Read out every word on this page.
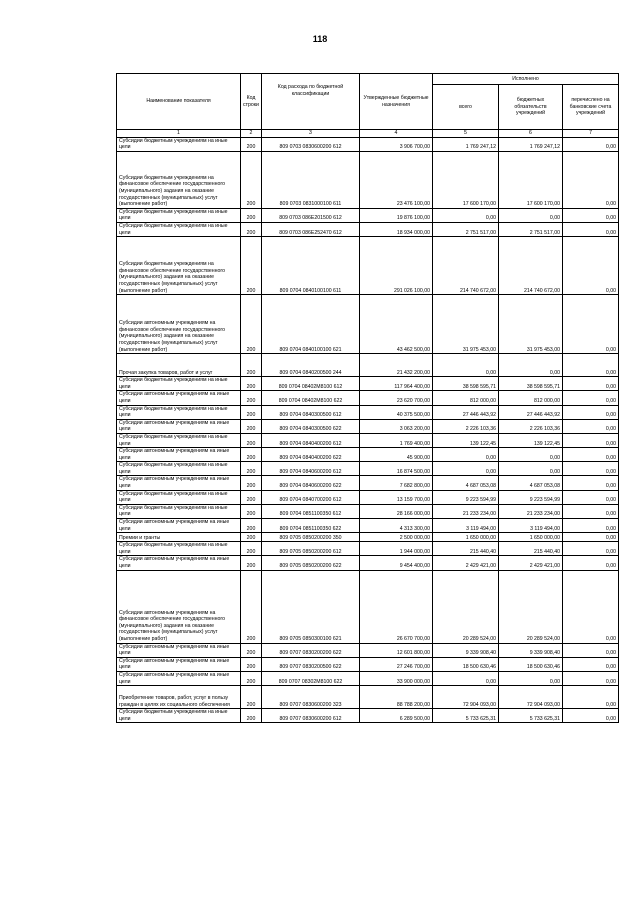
118
Наименование показателя	Код строки	Код расхода по бюджетной классификации	Утвержденные бюджетные назначения	Исполнено		
				всего	бюджетных обязательств учреждений	перечислено на банковские счета учреждений
1	2	3	4	5	6	7
Субсидии бюджетным учреждениям на иные цели	200	809 0703 0830600200 612	3 906 700,00	1 769 247,12	1 769 247,12	0,00
Субсидии бюджетным учреждениям на финансовое обеспечение государственного (муниципального) задания на оказание государственных (муниципальных) услуг (выполнение работ)	200	809 0703 0831000100 611	23 476 100,00	17 600 170,00	17 600 170,00	0,00
Субсидии бюджетным учреждениям на иные цели	200	809 0703 086Е201500 612	19 876 100,00	0,00	0,00	0,00
Субсидии бюджетным учреждениям на иные цели	200	809 0703 086Е252470 612	18 934 000,00	2 751 517,00	2 751 517,00	0,00
Субсидии бюджетным учреждениям на финансовое обеспечение государственного (муниципального) задания на оказание государственных (муниципальных) услуг (выполнение работ)	200	809 0704 0840100100 611	291 026 100,00	214 740 672,00	214 740 672,00	0,00
Субсидии автономным учреждениям на финансовое обеспечение государственного (муниципального) задания на оказание государственных (муниципальных) услуг (выполнение работ)	200	809 0704 0840100100 621	43 462 500,00	31 975 453,00	31 975 453,00	0,00
Прочая закупка товаров, работ и услуг	200	809 0704 0840200500 244	21 432 200,00	0,00	0,00	0,00
Субсидии бюджетным учреждениям на иные цели	200	809 0704 08402М8100 612	117 964 400,00	38 598 595,71	38 598 595,71	0,00
Субсидии автономным учреждениям на иные цели	200	809 0704 08402М8100 622	23 620 700,00	812 000,00	812 000,00	0,00
Субсидии бюджетным учреждениям на иные цели	200	809 0704 0840300500 612	40 375 500,00	27 446 443,92	27 446 443,92	0,00
Субсидии автономным учреждениям на иные цели	200	809 0704 0840300500 622	3 063 200,00	2 226 103,36	2 226 103,36	0,00
Субсидии бюджетным учреждениям на иные цели	200	809 0704 0840400200 612	1 769 400,00	139 122,45	139 122,45	0,00
Субсидии автономным учреждениям на иные цели	200	809 0704 0840400200 622	45 900,00	0,00	0,00	0,00
Субсидии бюджетным учреждениям на иные цели	200	809 0704 0840600200 612	16 874 500,00	0,00	0,00	0,00
Субсидии автономным учреждениям на иные цели	200	809 0704 0840600200 622	7 682 800,00	4 687 053,08	4 687 053,08	0,00
Субсидии бюджетным учреждениям на иные цели	200	809 0704 0840700200 612	13 159 700,00	9 223 594,99	9 223 594,99	0,00
Субсидии бюджетным учреждениям на иные цели	200	809 0704 0851100350 612	28 166 000,00	21 233 234,00	21 233 234,00	0,00
Субсидии автономным учреждениям на иные цели	200	809 0704 0851100350 622	4 313 300,00	3 119 494,00	3 119 494,00	0,00
Премии и гранты	200	809 0705 0850200200 350	2 500 000,00	1 650 000,00	1 650 000,00	0,00
Субсидии бюджетным учреждениям на иные цели	200	809 0705 0850200200 612	1 944 000,00	215 440,40	215 440,40	0,00
Субсидии автономным учреждениям на иные цели	200	809 0705 0850200200 622	9 454 400,00	2 429 421,00	2 429 421,00	0,00
Субсидии автономным учреждениям на финансовое обеспечение государственного (муниципального) задания на оказание государственных (муниципальных) услуг (выполнение работ)	200	809 0705 0850300100 621	26 670 700,00	20 289 524,00	20 289 524,00	0,00
Субсидии автономным учреждениям на иные цели	200	809 0707 0830200200 622	12 601 800,00	9 339 908,40	9 339 908,40	0,00
Субсидии автономным учреждениям на иные цели	200	809 0707 0830200500 622	27 246 700,00	18 500 630,46	18 500 630,46	0,00
Субсидии автономным учреждениям на иные цели	200	809 0707 08302М8100 622	33 900 000,00	0,00	0,00	0,00
Приобретение товаров, работ, услуг в пользу граждан в целях их социального обеспечения	200	809 0707 0830600200 323	88 788 200,00	72 904 093,00	72 904 093,00	0,00
Субсидии бюджетным учреждениям на иные цели	200	809 0707 0830600200 612	6 289 500,00	5 733 625,31	5 733 625,31	0,00
